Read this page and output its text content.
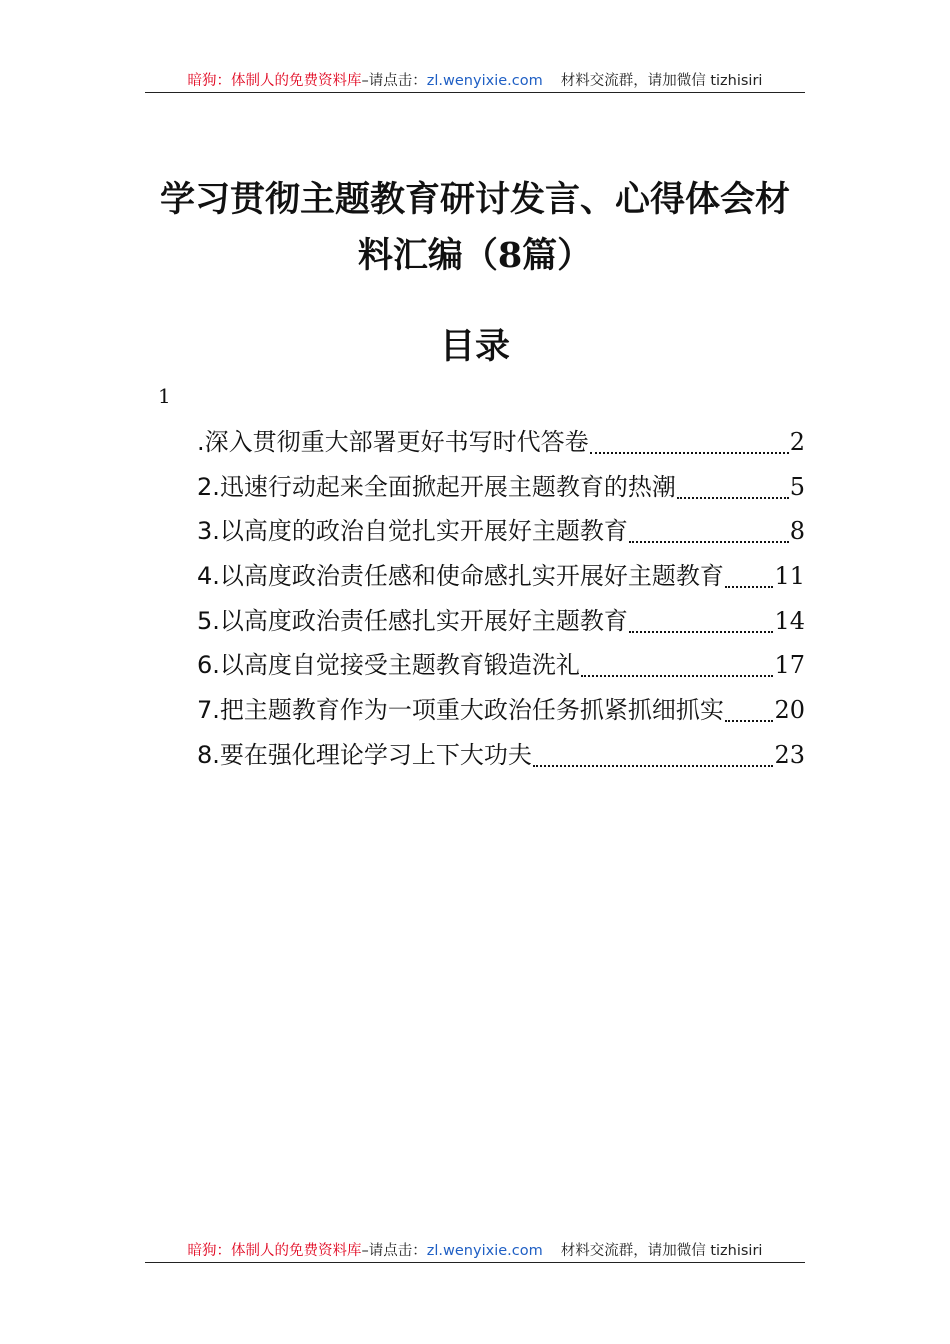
暗狗：体制人的免费资料库–请点击：zl.wenyixie.com 材料交流群，请加微信 tizhisiri
学习贯彻主题教育研讨发言、心得体会材料汇编（8篇）
目录
1
.深入贯彻重大部署更好书写时代答卷	2
2.迅速行动起来全面掀起开展主题教育的热潮	5
3.以高度的政治自觉扎实开展好主题教育	8
4.以高度政治责任感和使命感扎实开展好主题教育 11
5.以高度政治责任感扎实开展好主题教育	14
6.以高度自觉接受主题教育锻造洗礼	17
7.把主题教育作为一项重大政治任务抓紧抓细抓实 20
8.要在强化理论学习上下大功夫	23
暗狗：体制人的免费资料库–请点击：zl.wenyixie.com 材料交流群，请加微信 tizhisiri
